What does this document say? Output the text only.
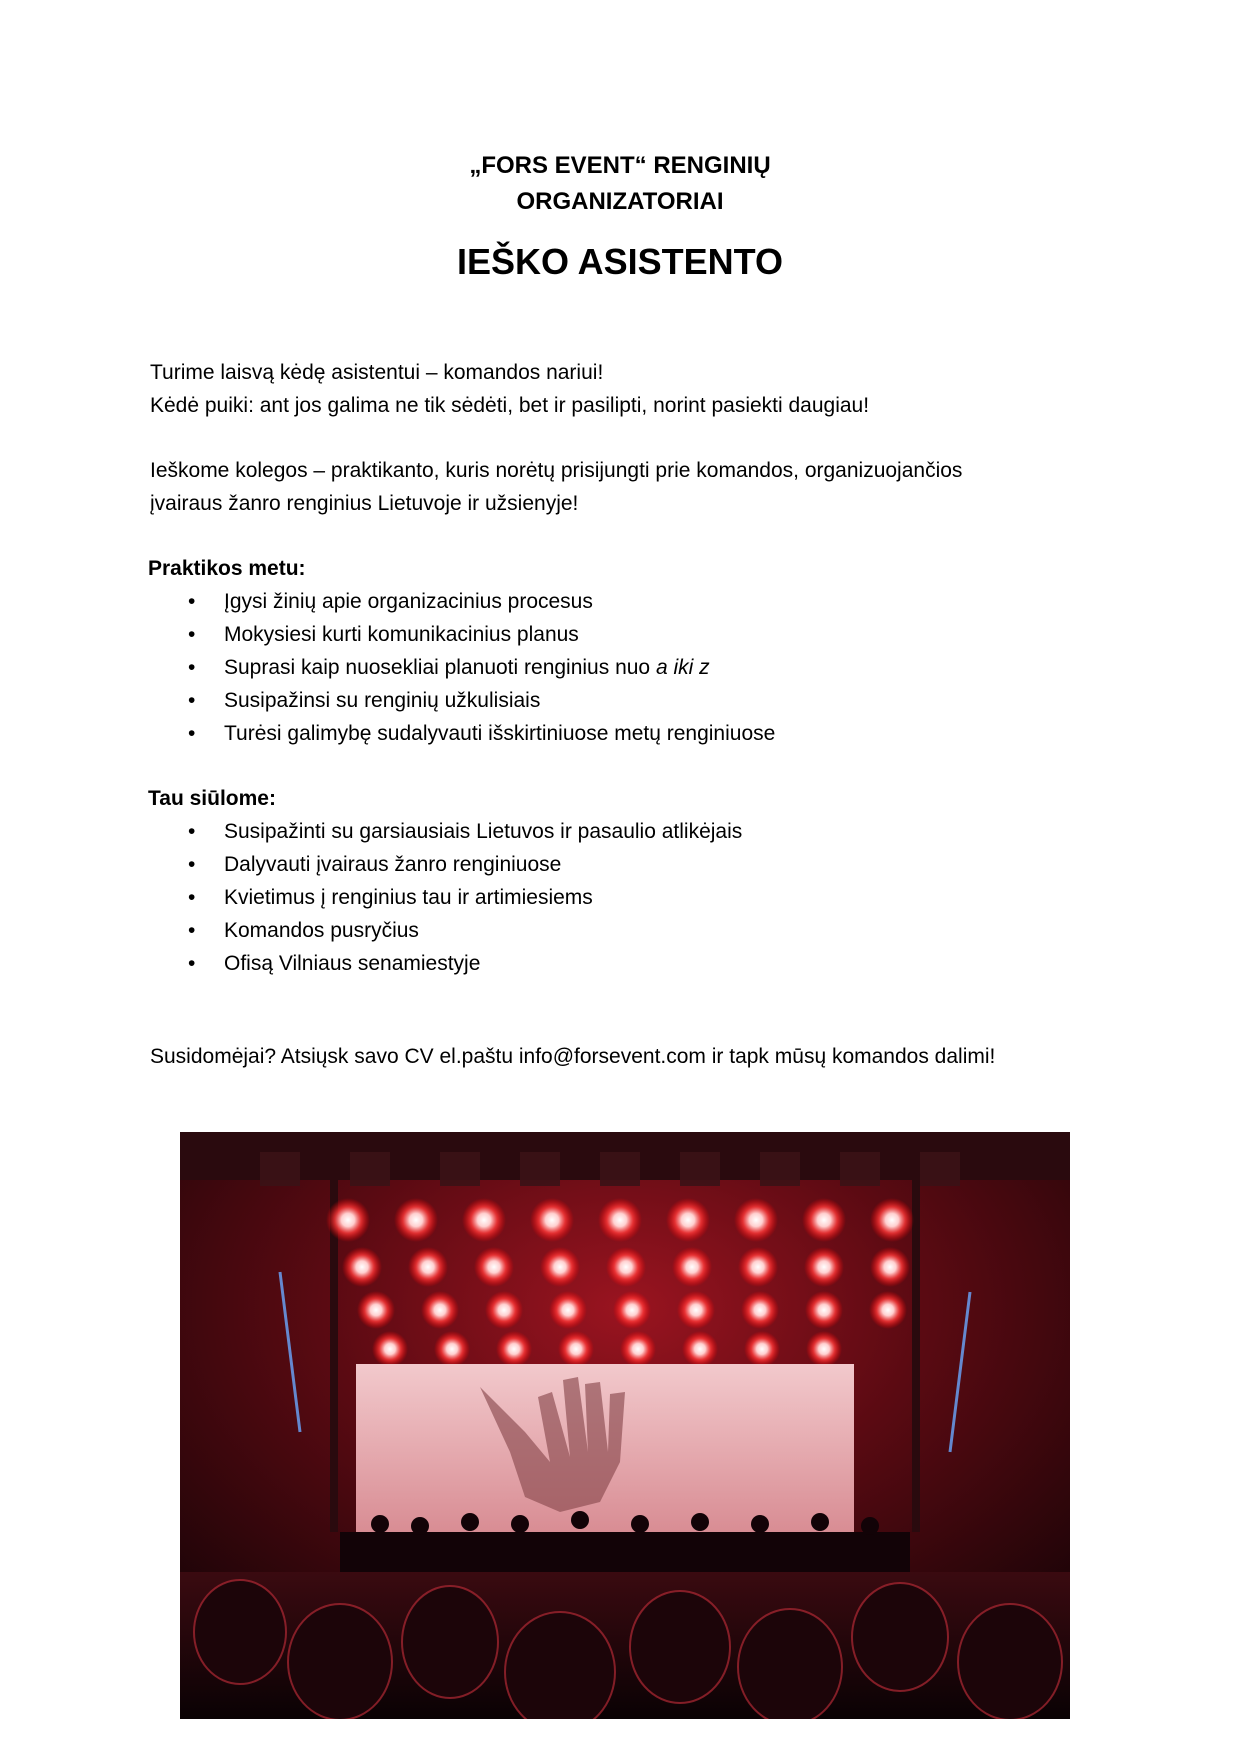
„FORS EVENT“ RENGINIŲ
ORGANIZATORIAI
IEŠKO ASISTENTO
Turime laisvą kėdę asistentui – komandos nariui!
Kėdė puiki: ant jos galima ne tik sėdėti, bet ir pasilipti, norint pasiekti daugiau!
Ieškome kolegos – praktikanto, kuris norėtų prisijungti prie komandos, organizuojančios
įvairaus žanro renginius Lietuvoje ir užsienyje!
Praktikos metu:
• Įgysi žinių apie organizacinius procesus
• Mokysiesi kurti komunikacinius planus
• Suprasi kaip nuosekliai planuoti renginius nuo a iki z
• Susipažinsi su renginių užkulisiais
• Turėsi galimybę sudalyvauti išskirtiniuose metų renginiuose
Tau siūlome:
• Susipažinti su garsiausiais Lietuvos ir pasaulio atlikėjais
• Dalyvauti įvairaus žanro renginiuose
• Kvietimus į renginius tau ir artimiesiems
• Komandos pusryčius
• Ofisą Vilniaus senamiestyje
Susidomėjai? Atsiųsk savo CV el.paštu info@forsevent.com ir tapk mūsų komandos dalimi!
